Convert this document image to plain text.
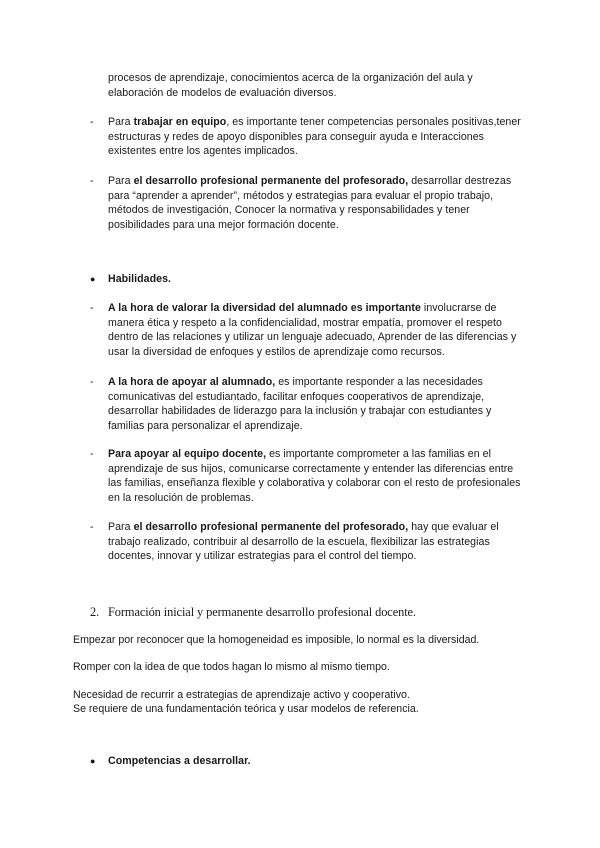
procesos de aprendizaje, conocimientos acerca de la organización del aula y
elaboración de modelos de evaluación diversos.
- Para trabajar en equipo, es importante tener competencias personales positivas,tener estructuras y redes de apoyo disponibles para conseguir ayuda e Interacciones existentes entre los agentes implicados.
- Para el desarrollo profesional permanente del profesorado, desarrollar destrezas para “aprender a aprender”, métodos y estrategias para evaluar el propio trabajo, métodos de investigación, Conocer la normativa y responsabilidades y tener posibilidades para una mejor formación docente.
● Habilidades.
- A la hora de valorar la diversidad del alumnado es importante involucrarse de manera ética y respeto a la confidencialidad, mostrar empatía, promover el respeto dentro de las relaciones y utilizar un lenguaje adecuado, Aprender de las diferencias y usar la diversidad de enfoques y estilos de aprendizaje como recursos.
- A la hora de apoyar al alumnado, es importante responder a las necesidades comunicativas del estudiantado, facilitar enfoques cooperativos de aprendizaje, desarrollar habilidades de liderazgo para la inclusión y trabajar con estudiantes y familias para personalizar el aprendizaje.
- Para apoyar al equipo docente, es importante comprometer a las familias en el aprendizaje de sus hijos, comunicarse correctamente y entender las diferencias entre las familias, enseñanza flexible y colaborativa y colaborar con el resto de profesionales en la resolución de problemas.
- Para el desarrollo profesional permanente del profesorado, hay que evaluar el trabajo realizado, contribuir al desarrollo de la escuela, flexibilizar las estrategias docentes, innovar y utilizar estrategias para el control del tiempo.
2. Formación inicial y permanente desarrollo profesional docente.
Empezar por reconocer que la homogeneidad es imposible, lo normal es la diversidad.
Romper con la idea de que todos hagan lo mismo al mismo tiempo.
Necesidad de recurrir a estrategias de aprendizaje activo y cooperativo.
Se requiere de una fundamentación teórica y usar modelos de referencia.
● Competencias a desarrollar.
